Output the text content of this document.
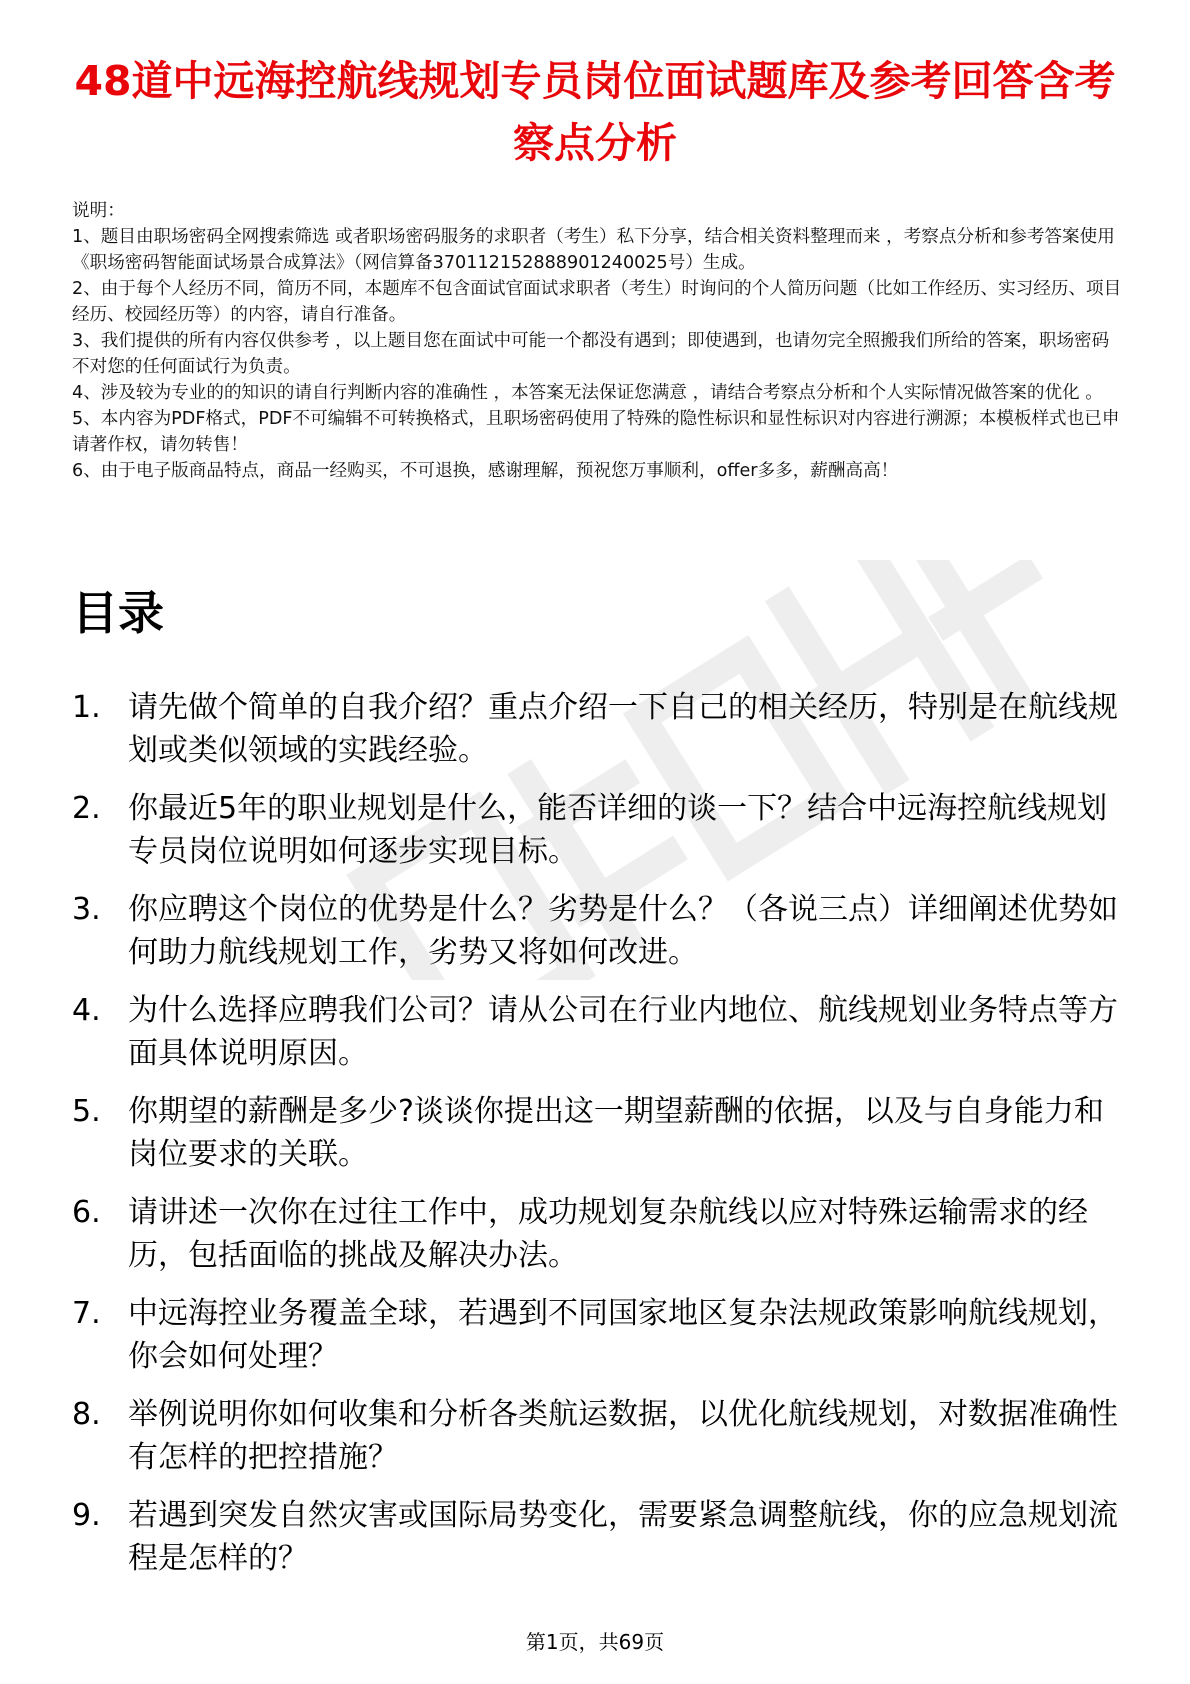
48道中远海控航线规划专员岗位面试题库及参考回答含考察点分析

说明：

1、题目由职场密码全网搜索筛选 或者职场密码服务的求职者（考生）私下分享，结合相关资料整理而来 ，考察点分析和参考答案使用《职场密码智能面试场景合成算法》（网信算备370112152888901240025号）生成。

2、由于每个人经历不同，简历不同，本题库不包含面试官面试求职者（考生）时询问的个人简历问题（比如工作经历、实习经历、项目经历、校园经历等）的内容，请自行准备。

3、我们提供的所有内容仅供参考 ，以上题目您在面试中可能一个都没有遇到；即使遇到，也请勿完全照搬我们所给的答案，职场密码不对您的任何面试行为负责。

4、涉及较为专业的的知识的请自行判断内容的准确性 ，本答案无法保证您满意 ，请结合考察点分析和个人实际情况做答案的优化 。

5、本内容为PDF格式，PDF不可编辑不可转换格式，且职场密码使用了特殊的隐性标识和显性标识对内容进行溯源；本模板样式也已申请著作权，请勿转售！

6、由于电子版商品特点，商品一经购买，不可退换，感谢理解，预祝您万事顺利，offer多多，薪酬高高！

目录
1. 请先做个简单的自我介绍？重点介绍一下自己的相关经历，特别是在航线规划或类似领域的实践经验。
2. 你最近5年的职业规划是什么，能否详细的谈一下？结合中远海控航线规划专员岗位说明如何逐步实现目标。
3. 你应聘这个岗位的优势是什么？劣势是什么？（各说三点）详细阐述优势如何助力航线规划工作，劣势又将如何改进。
4. 为什么选择应聘我们公司？请从公司在行业内地位、航线规划业务特点等方面具体说明原因。
5. 你期望的薪酬是多少?谈谈你提出这一期望薪酬的依据，以及与自身能力和岗位要求的关联。
6. 请讲述一次你在过往工作中，成功规划复杂航线以应对特殊运输需求的经历，包括面临的挑战及解决办法。
7. 中远海控业务覆盖全球，若遇到不同国家地区复杂法规政策影响航线规划，你会如何处理？
8. 举例说明你如何收集和分析各类航运数据，以优化航线规划，对数据准确性有怎样的把控措施？
9. 若遇到突发自然灾害或国际局势变化，需要紧急调整航线，你的应急规划流程是怎样的？
第1页，共69页
